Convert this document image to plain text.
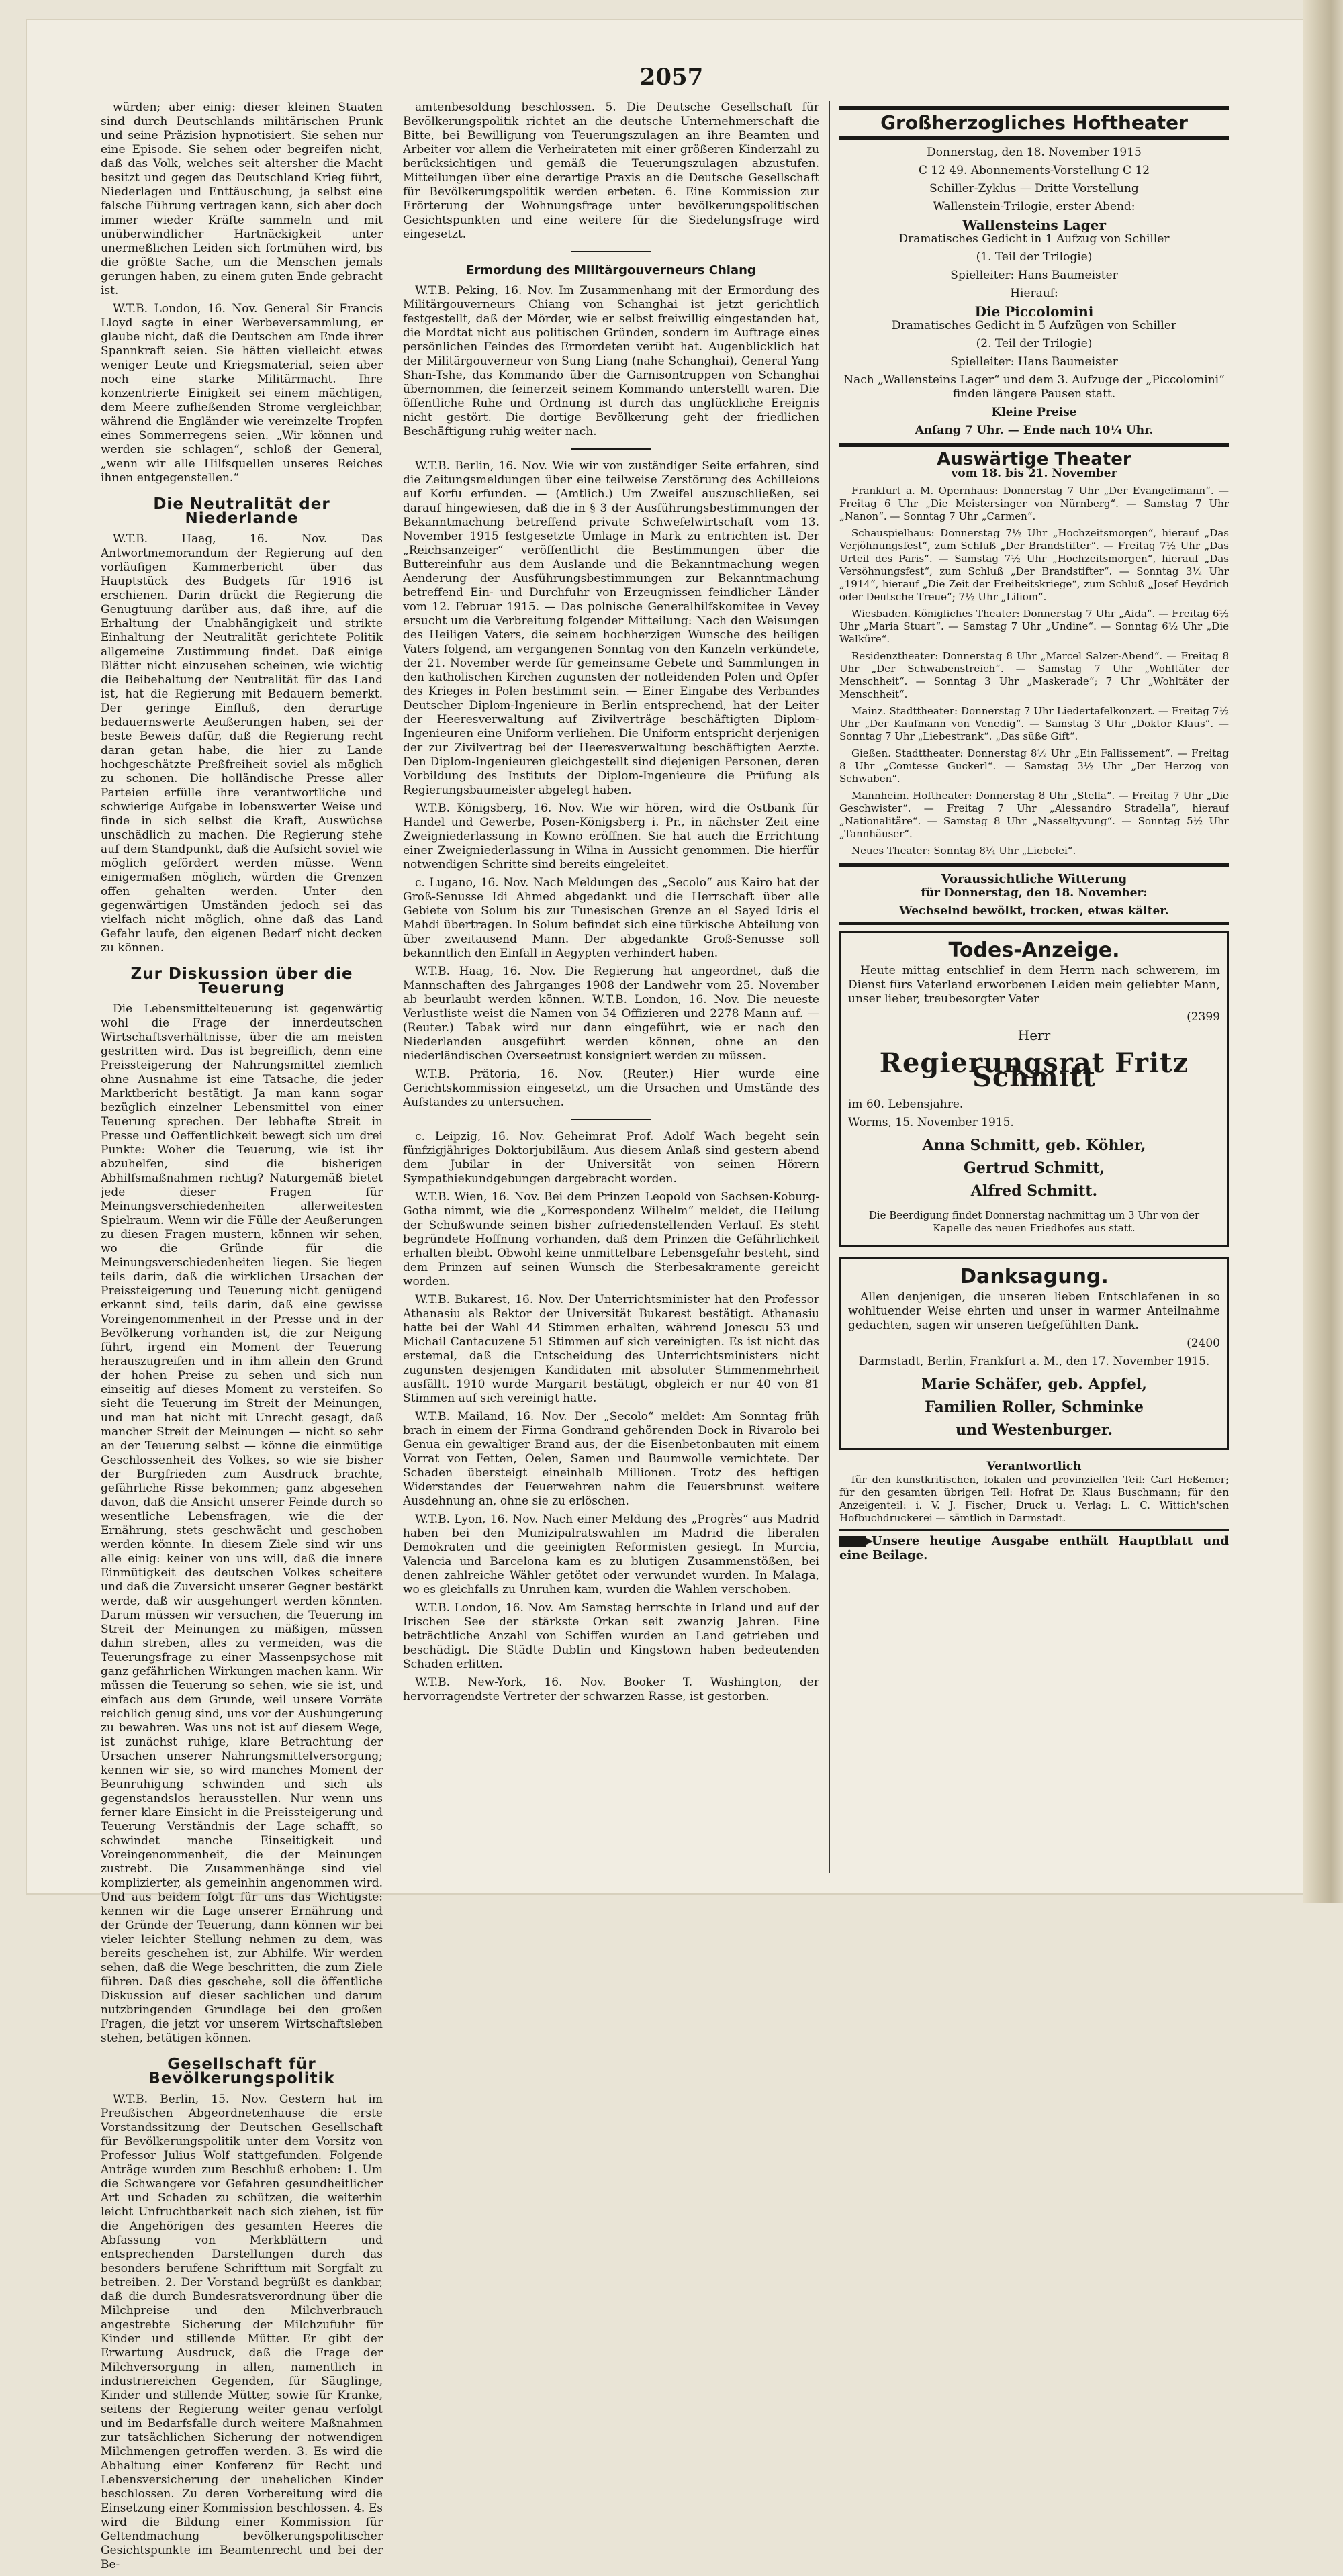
2057

würden; aber einig: dieser kleinen Staaten sind durch Deutschlands militärischen Prunk und seine Präzision hypnotisiert. Sie sehen nur eine Episode. Sie sehen oder begreifen nicht, daß das Volk, welches seit altersher die Macht besitzt und gegen das Deutschland Krieg führt, Niederlagen und Enttäuschung, ja selbst eine falsche Führung vertragen kann, sich aber doch immer wieder Kräfte sammeln und mit unüberwindlicher Hartnäckigkeit unter unermeßlichen Leiden sich fortmühen wird, bis die größte Sache, um die Menschen jemals gerungen haben, zu einem guten Ende gebracht ist.

W.T.B. London, 16. Nov. General Sir Francis Lloyd sagte in einer Werbeversammlung, er glaube nicht, daß die Deutschen am Ende ihrer Spannkraft seien. Sie hätten vielleicht etwas weniger Leute und Kriegsmaterial, seien aber noch eine starke Militärmacht. Ihre konzentrierte Einigkeit sei einem mächtigen, dem Meere zufließenden Strome vergleichbar, während die Engländer wie vereinzelte Tropfen eines Sommerregens seien. „Wir können und werden sie schlagen“, schloß der General, „wenn wir alle Hilfsquellen unseres Reiches ihnen entgegenstellen.“

Die Neutralität der Niederlande

W.T.B. Haag, 16. Nov. Das Antwortmemorandum der Regierung auf den vorläufigen Kammerbericht über das Hauptstück des Budgets für 1916 ist erschienen. Darin drückt die Regierung die Genugtuung darüber aus, daß ihre, auf die Erhaltung der Unabhängigkeit und strikte Einhaltung der Neutralität gerichtete Politik allgemeine Zustimmung findet. Daß einige Blätter nicht einzusehen scheinen, wie wichtig die Beibehaltung der Neutralität für das Land ist, hat die Regierung mit Bedauern bemerkt. Der geringe Einfluß, den derartige bedauernswerte Aeußerungen haben, sei der beste Beweis dafür, daß die Regierung recht daran getan habe, die hier zu Lande hochgeschätzte Preßfreiheit soviel als möglich zu schonen. Die holländische Presse aller Parteien erfülle ihre verantwortliche und schwierige Aufgabe in lobenswerter Weise und finde in sich selbst die Kraft, Auswüchse unschädlich zu machen. Die Regierung stehe auf dem Standpunkt, daß die Aufsicht soviel wie möglich gefördert werden müsse. Wenn einigermaßen möglich, würden die Grenzen offen gehalten werden. Unter den gegenwärtigen Umständen jedoch sei das vielfach nicht möglich, ohne daß das Land Gefahr laufe, den eigenen Bedarf nicht decken zu können.

Zur Diskussion über die Teuerung

Die Lebensmittelteuerung ist gegenwärtig wohl die Frage der innerdeutschen Wirtschaftsverhältnisse, über die am meisten gestritten wird. Das ist begreiflich, denn eine Preissteigerung der Nahrungsmittel ziemlich ohne Ausnahme ist eine Tatsache, die jeder Marktbericht bestätigt. Ja man kann sogar bezüglich einzelner Lebensmittel von einer Teuerung sprechen. Der lebhafte Streit in Presse und Oeffentlichkeit bewegt sich um drei Punkte: Woher die Teuerung, wie ist ihr abzuhelfen, sind die bisherigen Abhilfsmaßnahmen richtig? Naturgemäß bietet jede dieser Fragen für Meinungsverschiedenheiten allerweitesten Spielraum. Wenn wir die Fülle der Aeußerungen zu diesen Fragen mustern, können wir sehen, wo die Gründe für die Meinungsverschiedenheiten liegen. Sie liegen teils darin, daß die wirklichen Ursachen der Preissteigerung und Teuerung nicht genügend erkannt sind, teils darin, daß eine gewisse Voreingenommenheit in der Presse und in der Bevölkerung vorhanden ist, die zur Neigung führt, irgend ein Moment der Teuerung herauszugreifen und in ihm allein den Grund der hohen Preise zu sehen und sich nun einseitig auf dieses Moment zu versteifen. So sieht die Teuerung im Streit der Meinungen, und man hat nicht mit Unrecht gesagt, daß mancher Streit der Meinungen — nicht so sehr an der Teuerung selbst — könne die einmütige Geschlossenheit des Volkes, so wie sie bisher der Burgfrieden zum Ausdruck brachte, gefährliche Risse bekommen; ganz abgesehen davon, daß die Ansicht unserer Feinde durch so wesentliche Lebensfragen, wie die der Ernährung, stets geschwächt und geschoben werden könnte. In diesem Ziele sind wir uns alle einig: keiner von uns will, daß die innere Einmütigkeit des deutschen Volkes scheitere und daß die Zuversicht unserer Gegner bestärkt werde, daß wir ausgehungert werden könnten. Darum müssen wir versuchen, die Teuerung im Streit der Meinungen zu mäßigen, müssen dahin streben, alles zu vermeiden, was die Teuerungsfrage zu einer Massenpsychose mit ganz gefährlichen Wirkungen machen kann. Wir müssen die Teuerung so sehen, wie sie ist, und einfach aus dem Grunde, weil unsere Vorräte reichlich genug sind, uns vor der Aushungerung zu bewahren. Was uns not ist auf diesem Wege, ist zunächst ruhige, klare Betrachtung der Ursachen unserer Nahrungsmittelversorgung; kennen wir sie, so wird manches Moment der Beunruhigung schwinden und sich als gegenstandslos herausstellen. Nur wenn uns ferner klare Einsicht in die Preissteigerung und Teuerung Verständnis der Lage schafft, so schwindet manche Einseitigkeit und Voreingenommenheit, die der Meinungen zustrebt. Die Zusammenhänge sind viel komplizierter, als gemeinhin angenommen wird. Und aus beidem folgt für uns das Wichtigste: kennen wir die Lage unserer Ernährung und der Gründe der Teuerung, dann können wir bei vieler leichter Stellung nehmen zu dem, was bereits geschehen ist, zur Abhilfe. Wir werden sehen, daß die Wege beschritten, die zum Ziele führen. Daß dies geschehe, soll die öffentliche Diskussion auf dieser sachlichen und darum nutzbringenden Grundlage bei den großen Fragen, die jetzt vor unserem Wirtschaftsleben stehen, betätigen können.

Gesellschaft für Bevölkerungspolitik

W.T.B. Berlin, 15. Nov. Gestern hat im Preußischen Abgeordnetenhause die erste Vorstandssitzung der Deutschen Gesellschaft für Bevölkerungspolitik unter dem Vorsitz von Professor Julius Wolf stattgefunden. Folgende Anträge wurden zum Beschluß erhoben: 1. Um die Schwangere vor Gefahren gesundheitlicher Art und Schaden zu schützen, die weiterhin leicht Unfruchtbarkeit nach sich ziehen, ist für die Angehörigen des gesamten Heeres die Abfassung von Merkblättern und entsprechenden Darstellungen durch das besonders berufene Schrifttum mit Sorgfalt zu betreiben. 2. Der Vorstand begrüßt es dankbar, daß die durch Bundesratsverordnung über die Milchpreise und den Milchverbrauch angestrebte Sicherung der Milchzufuhr für Kinder und stillende Mütter. Er gibt der Erwartung Ausdruck, daß die Frage der Milchversorgung in allen, namentlich in industriereichen Gegenden, für Säuglinge, Kinder und stillende Mütter, sowie für Kranke, seitens der Regierung weiter genau verfolgt und im Bedarfsfalle durch weitere Maßnahmen zur tatsächlichen Sicherung der notwendigen Milchmengen getroffen werden. 3. Es wird die Abhaltung einer Konferenz für Recht und Lebensversicherung der unehelichen Kinder beschlossen. Zu deren Vorbereitung wird die Einsetzung einer Kommission beschlossen. 4. Es wird die Bildung einer Kommission für Geltendmachung bevölkerungspolitischer Gesichtspunkte im Beamtenrecht und bei der Be-

amtenbesoldung beschlossen. 5. Die Deutsche Gesellschaft für Bevölkerungspolitik richtet an die deutsche Unternehmerschaft die Bitte, bei Bewilligung von Teuerungszulagen an ihre Beamten und Arbeiter vor allem die Verheirateten mit einer größeren Kinderzahl zu berücksichtigen und gemäß die Teuerungszulagen abzustufen. Mitteilungen über eine derartige Praxis an die Deutsche Gesellschaft für Bevölkerungspolitik werden erbeten. 6. Eine Kommission zur Erörterung der Wohnungsfrage unter bevölkerungspolitischen Gesichtspunkten und eine weitere für die Siedelungsfrage wird eingesetzt.

Ermordung des Militärgouverneurs Chiang

W.T.B. Peking, 16. Nov. Im Zusammenhang mit der Ermordung des Militärgouverneurs Chiang von Schanghai ist jetzt gerichtlich festgestellt, daß der Mörder, wie er selbst freiwillig eingestanden hat, die Mordtat nicht aus politischen Gründen, sondern im Auftrage eines persönlichen Feindes des Ermordeten verübt hat. Augenblicklich hat der Militärgouverneur von Sung Liang (nahe Schanghai), General Yang Shan-Tshe, das Kommando über die Garnisontruppen von Schanghai übernommen, die feinerzeit seinem Kommando unterstellt waren. Die öffentliche Ruhe und Ordnung ist durch das unglückliche Ereignis nicht gestört. Die dortige Bevölkerung geht der friedlichen Beschäftigung ruhig weiter nach.

W.T.B. Berlin, 16. Nov. Wie wir von zuständiger Seite erfahren, sind die Zeitungsmeldungen über eine teilweise Zerstörung des Achilleions auf Korfu erfunden. — (Amtlich.) Um Zweifel auszuschließen, sei darauf hingewiesen, daß die in § 3 der Ausführungsbestimmungen der Bekanntmachung betreffend private Schwefelwirtschaft vom 13. November 1915 festgesetzte Umlage in Mark zu entrichten ist. Der „Reichsanzeiger“ veröffentlicht die Bestimmungen über die Buttereinfuhr aus dem Auslande und die Bekanntmachung wegen Aenderung der Ausführungsbestimmungen zur Bekanntmachung betreffend Ein- und Durchfuhr von Erzeugnissen feindlicher Länder vom 12. Februar 1915. — Das polnische Generalhilfskomitee in Vevey ersucht um die Verbreitung folgender Mitteilung: Nach den Weisungen des Heiligen Vaters, die seinem hochherzigen Wunsche des heiligen Vaters folgend, am vergangenen Sonntag von den Kanzeln verkündete, der 21. November werde für gemeinsame Gebete und Sammlungen in den katholischen Kirchen zugunsten der notleidenden Polen und Opfer des Krieges in Polen bestimmt sein. — Einer Eingabe des Verbandes Deutscher Diplom-Ingenieure in Berlin entsprechend, hat der Leiter der Heeresverwaltung auf Zivilverträge beschäftigten Diplom-Ingenieuren eine Uniform verliehen. Die Uniform entspricht derjenigen der zur Zivilvertrag bei der Heeresverwaltung beschäftigten Aerzte. Den Diplom-Ingenieuren gleichgestellt sind diejenigen Personen, deren Vorbildung des Instituts der Diplom-Ingenieure die Prüfung als Regierungsbaumeister abgelegt haben.

W.T.B. Königsberg, 16. Nov. Wie wir hören, wird die Ostbank für Handel und Gewerbe, Posen-Königsberg i. Pr., in nächster Zeit eine Zweigniederlassung in Kowno eröffnen. Sie hat auch die Errichtung einer Zweigniederlassung in Wilna in Aussicht genommen. Die hierfür notwendigen Schritte sind bereits eingeleitet.

c. Lugano, 16. Nov. Nach Meldungen des „Secolo“ aus Kairo hat der Groß-Senusse Idi Ahmed abgedankt und die Herrschaft über alle Gebiete von Solum bis zur Tunesischen Grenze an el Sayed Idris el Mahdi übertragen. In Solum befindet sich eine türkische Abteilung von über zweitausend Mann. Der abgedankte Groß-Senusse soll bekanntlich den Einfall in Aegypten verhindert haben.

W.T.B. Haag, 16. Nov. Die Regierung hat angeordnet, daß die Mannschaften des Jahrganges 1908 der Landwehr vom 25. November ab beurlaubt werden können. W.T.B. London, 16. Nov. Die neueste Verlustliste weist die Namen von 54 Offizieren und 2278 Mann auf. — (Reuter.) Tabak wird nur dann eingeführt, wie er nach den Niederlanden ausgeführt werden können, ohne an den niederländischen Overseetrust konsigniert werden zu müssen.

W.T.B. Prätoria, 16. Nov. (Reuter.) Hier wurde eine Gerichtskommission eingesetzt, um die Ursachen und Umstände des Aufstandes zu untersuchen.

c. Leipzig, 16. Nov. Geheimrat Prof. Adolf Wach begeht sein fünfzigjähriges Doktorjubiläum. Aus diesem Anlaß sind gestern abend dem Jubilar in der Universität von seinen Hörern Sympathiekundgebungen dargebracht worden.

W.T.B. Wien, 16. Nov. Bei dem Prinzen Leopold von Sachsen-Koburg-Gotha nimmt, wie die „Korrespondenz Wilhelm“ meldet, die Heilung der Schußwunde seinen bisher zufriedenstellenden Verlauf. Es steht begründete Hoffnung vorhanden, daß dem Prinzen die Gefährlichkeit erhalten bleibt. Obwohl keine unmittelbare Lebensgefahr besteht, sind dem Prinzen auf seinen Wunsch die Sterbesakramente gereicht worden.

W.T.B. Bukarest, 16. Nov. Der Unterrichtsminister hat den Professor Athanasiu als Rektor der Universität Bukarest bestätigt. Athanasiu hatte bei der Wahl 44 Stimmen erhalten, während Jonescu 53 und Michail Cantacuzene 51 Stimmen auf sich vereinigten. Es ist nicht das erstemal, daß die Entscheidung des Unterrichtsministers nicht zugunsten desjenigen Kandidaten mit absoluter Stimmenmehrheit ausfällt. 1910 wurde Margarit bestätigt, obgleich er nur 40 von 81 Stimmen auf sich vereinigt hatte.

W.T.B. Mailand, 16. Nov. Der „Secolo“ meldet: Am Sonntag früh brach in einem der Firma Gondrand gehörenden Dock in Rivarolo bei Genua ein gewaltiger Brand aus, der die Eisenbetonbauten mit einem Vorrat von Fetten, Oelen, Samen und Baumwolle vernichtete. Der Schaden übersteigt eineinhalb Millionen. Trotz des heftigen Widerstandes der Feuerwehren nahm die Feuersbrunst weitere Ausdehnung an, ohne sie zu erlöschen.

W.T.B. Lyon, 16. Nov. Nach einer Meldung des „Progrès“ aus Madrid haben bei den Munizipalratswahlen im Madrid die liberalen Demokraten und die geeinigten Reformisten gesiegt. In Murcia, Valencia und Barcelona kam es zu blutigen Zusammenstößen, bei denen zahlreiche Wähler getötet oder verwundet wurden. In Malaga, wo es gleichfalls zu Unruhen kam, wurden die Wahlen verschoben.

W.T.B. London, 16. Nov. Am Samstag herrschte in Irland und auf der Irischen See der stärkste Orkan seit zwanzig Jahren. Eine beträchtliche Anzahl von Schiffen wurden an Land getrieben und beschädigt. Die Städte Dublin und Kingstown haben bedeutenden Schaden erlitten.

W.T.B. New-York, 16. Nov. Booker T. Washington, der hervorragendste Vertreter der schwarzen Rasse, ist gestorben.

Großherzogliches Hoftheater

Donnerstag, den 18. November 1915

C 12 49. Abonnements-Vorstellung C 12

Schiller-Zyklus — Dritte Vorstellung

Wallenstein-Trilogie, erster Abend:

Wallensteins Lager

Dramatisches Gedicht in 1 Aufzug von Schiller

(1. Teil der Trilogie)

Spielleiter: Hans Baumeister

Hierauf:

Die Piccolomini

Dramatisches Gedicht in 5 Aufzügen von Schiller

(2. Teil der Trilogie)

Spielleiter: Hans Baumeister

Nach „Wallensteins Lager“ und dem 3. Aufzuge der „Piccolomini“ finden längere Pausen statt.

Kleine Preise

Anfang 7 Uhr. — Ende nach 10¼ Uhr.

Auswärtige Theater

vom 18. bis 21. November

Frankfurt a. M. Opernhaus: Donnerstag 7 Uhr „Der Evangelimann“. — Freitag 6 Uhr „Die Meistersinger von Nürnberg“. — Samstag 7 Uhr „Nanon“. — Sonntag 7 Uhr „Carmen“.

Schauspielhaus: Donnerstag 7½ Uhr „Hochzeitsmorgen“, hierauf „Das Verjöhnungsfest“, zum Schluß „Der Brandstifter“. — Freitag 7½ Uhr „Das Urteil des Paris“. — Samstag 7½ Uhr „Hochzeitsmorgen“, hierauf „Das Versöhnungsfest“, zum Schluß „Der Brandstifter“. — Sonntag 3½ Uhr „1914“, hierauf „Die Zeit der Freiheitskriege“, zum Schluß „Josef Heydrich oder Deutsche Treue“; 7½ Uhr „Liliom“.

Wiesbaden. Königliches Theater: Donnerstag 7 Uhr „Aida“. — Freitag 6½ Uhr „Maria Stuart“. — Samstag 7 Uhr „Undine“. — Sonntag 6½ Uhr „Die Walküre“.

Residenztheater: Donnerstag 8 Uhr „Marcel Salzer-Abend“. — Freitag 8 Uhr „Der Schwabenstreich“. — Samstag 7 Uhr „Wohltäter der Menschheit“. — Sonntag 3 Uhr „Maskerade“; 7 Uhr „Wohltäter der Menschheit“.

Mainz. Stadttheater: Donnerstag 7 Uhr Liedertafelkonzert. — Freitag 7½ Uhr „Der Kaufmann von Venedig“. — Samstag 3 Uhr „Doktor Klaus“. — Sonntag 7 Uhr „Liebestrank“. „Das süße Gift“.

Gießen. Stadttheater: Donnerstag 8½ Uhr „Ein Fallissement“. — Freitag 8 Uhr „Comtesse Guckerl“. — Samstag 3½ Uhr „Der Herzog von Schwaben“.

Mannheim. Hoftheater: Donnerstag 8 Uhr „Stella“. — Freitag 7 Uhr „Die Geschwister“. — Freitag 7 Uhr „Alessandro Stradella“, hierauf „Nationalitäre“. — Samstag 8 Uhr „Nasseltyvung“. — Sonntag 5½ Uhr „Tannhäuser“.

Neues Theater: Sonntag 8¼ Uhr „Liebelei“.

Voraussichtliche Witterung

für Donnerstag, den 18. November:

Wechselnd bewölkt, trocken, etwas kälter.

Todes-Anzeige.

Heute mittag entschlief in dem Herrn nach schwerem, im Dienst fürs Vaterland erworbenen Leiden mein geliebter Mann, unser lieber, treubesorgter Vater

(2399

Herr

Regierungsrat Fritz Schmitt

im 60. Lebensjahre.

Worms, 15. November 1915.

Anna Schmitt, geb. Köhler,
Gertrud Schmitt,
Alfred Schmitt.

Die Beerdigung findet Donnerstag nachmittag um 3 Uhr von der Kapelle des neuen Friedhofes aus statt.

Danksagung.

Allen denjenigen, die unseren lieben Entschlafenen in so wohltuender Weise ehrten und unser in warmer Anteilnahme gedachten, sagen wir unseren tiefgefühlten Dank.

(2400

Darmstadt, Berlin, Frankfurt a. M., den 17. November 1915.

Marie Schäfer, geb. Appfel,
Familien Roller, Schminke
und Westenburger.
Verantwortlich

für den kunstkritischen, lokalen und provinziellen Teil: Carl Heßemer; für den gesamten übrigen Teil: Hofrat Dr. Klaus Buschmann; für den Anzeigenteil: i. V. J. Fischer; Druck u. Verlag: L. C. Wittich'schen Hofbuchdruckerei — sämtlich in Darmstadt.

Unsere heutige Ausgabe enthält Hauptblatt und eine Beilage.
